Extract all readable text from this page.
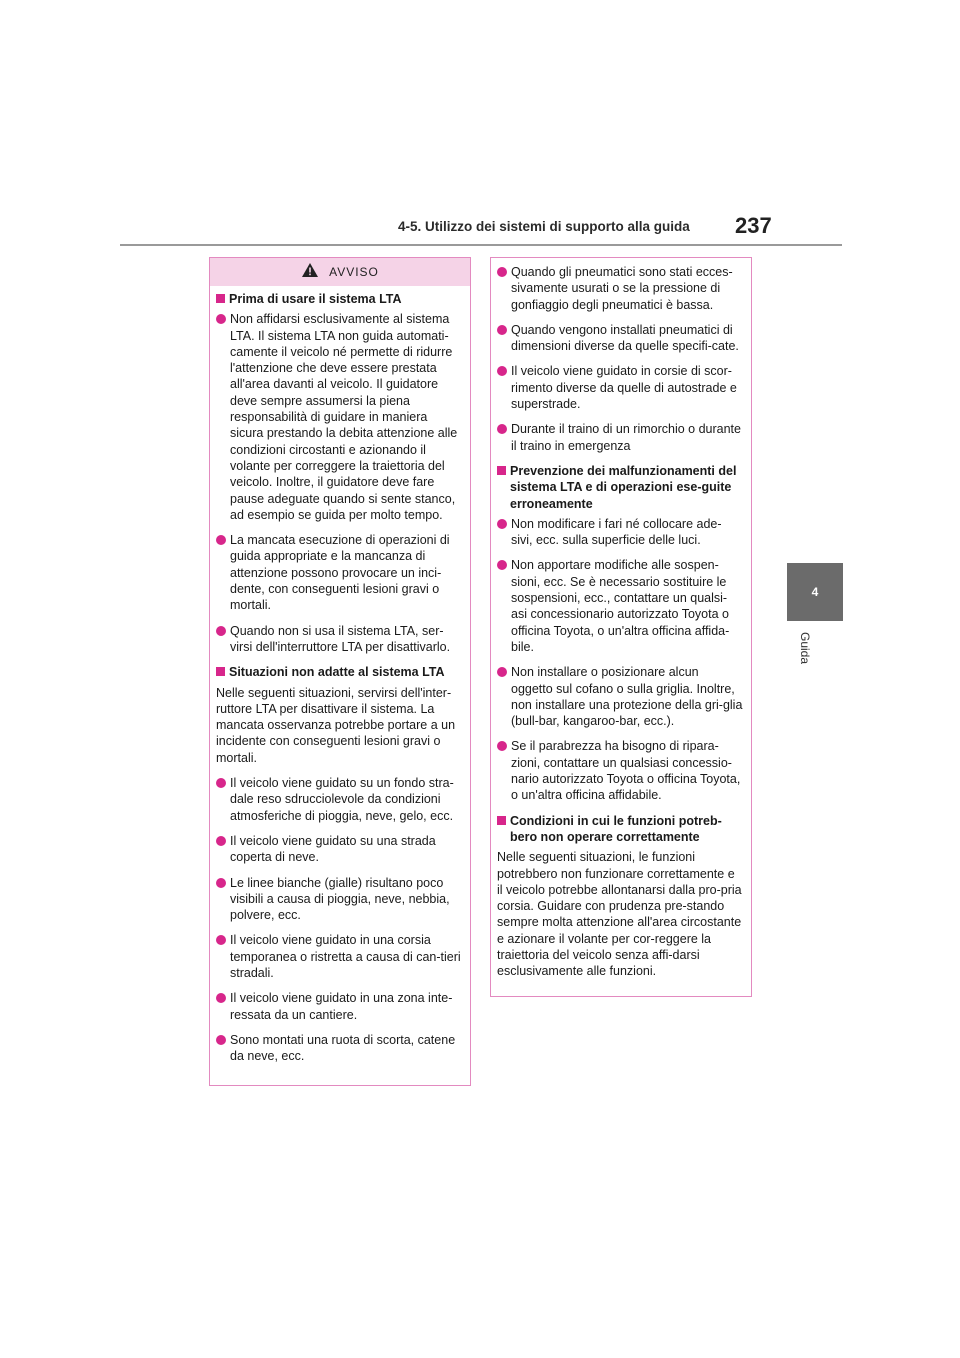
4-5. Utilizzo dei sistemi di supporto alla guida 237
4
Guida
AVVISO
Prima di usare il sistema LTA
Non affidarsi esclusivamente al sistema LTA. Il sistema LTA non guida automati-camente il veicolo né permette di ridurre l'attenzione che deve essere prestata all'area davanti al veicolo. Il guidatore deve sempre assumersi la piena responsabilità di guidare in maniera sicura prestando la debita attenzione alle condizioni circostanti e azionando il volante per correggere la traiettoria del veicolo. Inoltre, il guidatore deve fare pause adeguate quando si sente stanco, ad esempio se guida per molto tempo.
La mancata esecuzione di operazioni di guida appropriate e la mancanza di attenzione possono provocare un inci-dente, con conseguenti lesioni gravi o mortali.
Quando non si usa il sistema LTA, ser-virsi dell'interruttore LTA per disattivarlo.
Situazioni non adatte al sistema LTA
Nelle seguenti situazioni, servirsi dell'inter-ruttore LTA per disattivare il sistema. La mancata osservanza potrebbe portare a un incidente con conseguenti lesioni gravi o mortali.
Il veicolo viene guidato su un fondo stra-dale reso sdrucciolevole da condizioni atmosferiche di pioggia, neve, gelo, ecc.
Il veicolo viene guidato su una strada coperta di neve.
Le linee bianche (gialle) risultano poco visibili a causa di pioggia, neve, nebbia, polvere, ecc.
Il veicolo viene guidato in una corsia temporanea o ristretta a causa di can-tieri stradali.
Il veicolo viene guidato in una zona inte-ressata da un cantiere.
Sono montati una ruota di scorta, catene da neve, ecc.
Quando gli pneumatici sono stati ecces-sivamente usurati o se la pressione di gonfiaggio degli pneumatici è bassa.
Quando vengono installati pneumatici di dimensioni diverse da quelle specifi-cate.
Il veicolo viene guidato in corsie di scor-rimento diverse da quelle di autostrade e superstrade.
Durante il traino di un rimorchio o durante il traino in emergenza
Prevenzione dei malfunzionamenti del sistema LTA e di operazioni ese-guite erroneamente
Non modificare i fari né collocare ade-sivi, ecc. sulla superficie delle luci.
Non apportare modifiche alle sospen-sioni, ecc. Se è necessario sostituire le sospensioni, ecc., contattare un qualsi-asi concessionario autorizzato Toyota o officina Toyota, o un'altra officina affida-bile.
Non installare o posizionare alcun oggetto sul cofano o sulla griglia. Inoltre, non installare una protezione della gri-glia (bull-bar, kangaroo-bar, ecc.).
Se il parabrezza ha bisogno di ripara-zioni, contattare un qualsiasi concessio-nario autorizzato Toyota o officina Toyota, o un'altra officina affidabile.
Condizioni in cui le funzioni potreb-bero non operare correttamente
Nelle seguenti situazioni, le funzioni potrebbero non funzionare correttamente e il veicolo potrebbe allontanarsi dalla pro-pria corsia. Guidare con prudenza pre-stando sempre molta attenzione all'area circostante e azionare il volante per cor-reggere la traiettoria del veicolo senza affi-darsi esclusivamente alle funzioni.
